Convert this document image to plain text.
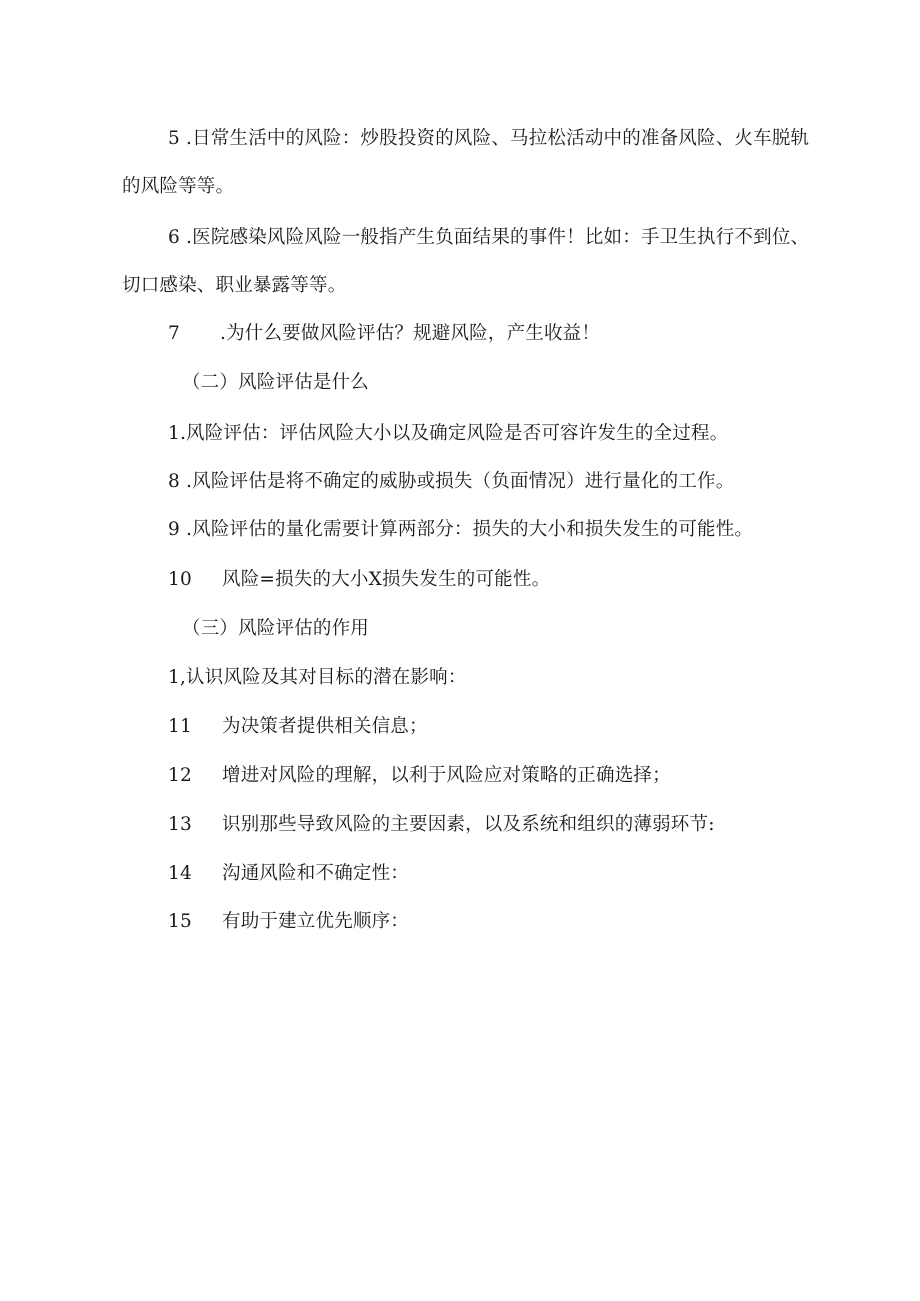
5 .日常生活中的风险：炒股投资的风险、马拉松活动中的准备风险、火车脱轨
的风险等等。
6 .医院感染风险风险一般指产生负面结果的事件！比如：手卫生执行不到位、
切口感染、职业暴露等等。
7 .为什么要做风险评估？规避风险，产生收益！
（二）风险评估是什么
1.风险评估：评估风险大小以及确定风险是否可容许发生的全过程。
8 .风险评估是将不确定的威胁或损失（负面情况）进行量化的工作。
9 .风险评估的量化需要计算两部分：损失的大小和损失发生的可能性。
10 风险=损失的大小X损失发生的可能性。
（三）风险评估的作用
1,认识风险及其对目标的潜在影响：
11 为决策者提供相关信息；
12 增进对风险的理解，以利于风险应对策略的正确选择；
13 识别那些导致风险的主要因素，以及系统和组织的薄弱环节:
14 沟通风险和不确定性：
15 有助于建立优先顺序：
